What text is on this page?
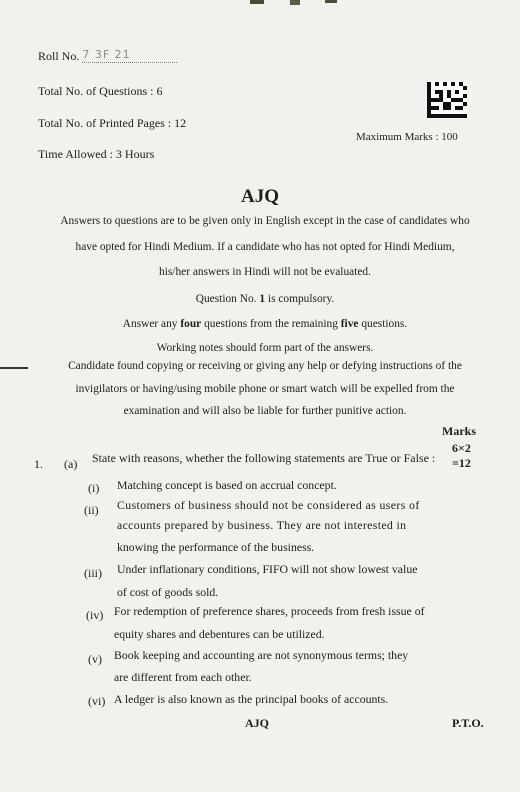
Roll No. 7 3F 21
Total No. of Questions : 6
Total No. of Printed Pages : 12
Time Allowed : 3 Hours
Maximum Marks : 100
AJQ
Answers to questions are to be given only in English except in the case of candidates who
have opted for Hindi Medium. If a candidate who has not opted for Hindi Medium,
his/her answers in Hindi will not be evaluated.
Question No. 1 is compulsory.
Answer any four questions from the remaining five questions.
Working notes should form part of the answers.
Candidate found copying or receiving or giving any help or defying instructions of the
invigilators or having/using mobile phone or smart watch will be expelled from the
examination and will also be liable for further punitive action.
Marks
1. (a) State with reasons, whether the following statements are True or False :
6×2
=12
(i) Matching concept is based on accrual concept.
(ii) Customers of business should not be considered as users of
accounts prepared by business. They are not interested in
knowing the performance of the business.
(iii) Under inflationary conditions, FIFO will not show lowest value
of cost of goods sold.
(iv) For redemption of preference shares, proceeds from fresh issue of
equity shares and debentures can be utilized.
(v) Book keeping and accounting are not synonymous terms; they
are different from each other.
(vi) A ledger is also known as the principal books of accounts.
AJQ	P.T.O.
